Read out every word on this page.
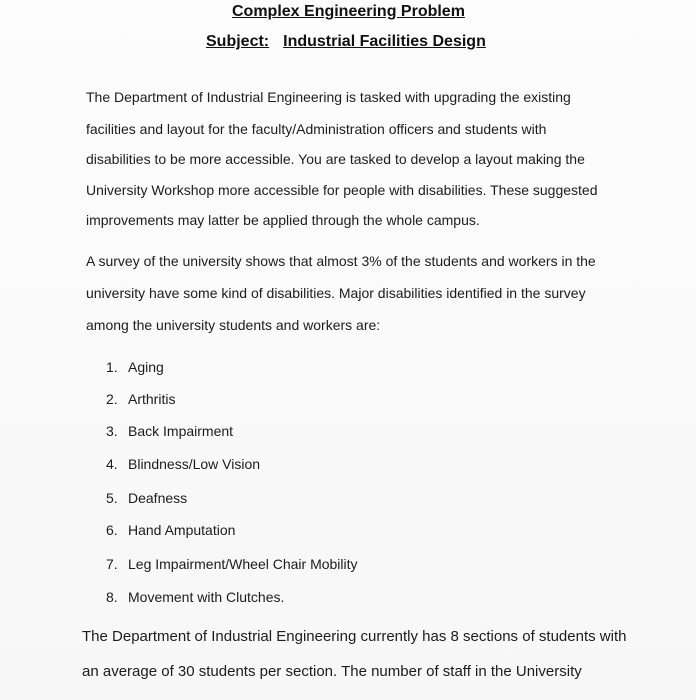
Complex Engineering Problem
Subject: Industrial Facilities Design
The Department of Industrial Engineering is tasked with upgrading the existing
facilities and layout for the faculty/Administration officers and students with
disabilities to be more accessible. You are tasked to develop a layout making the
University Workshop more accessible for people with disabilities. These suggested
improvements may latter be applied through the whole campus.
A survey of the university shows that almost 3% of the students and workers in the
university have some kind of disabilities. Major disabilities identified in the survey
among the university students and workers are:
1. Aging
2. Arthritis
3. Back Impairment
4. Blindness/Low Vision
5. Deafness
6. Hand Amputation
7. Leg Impairment/Wheel Chair Mobility
8. Movement with Clutches.
The Department of Industrial Engineering currently has 8 sections of students with
an average of 30 students per section. The number of staff in the University
